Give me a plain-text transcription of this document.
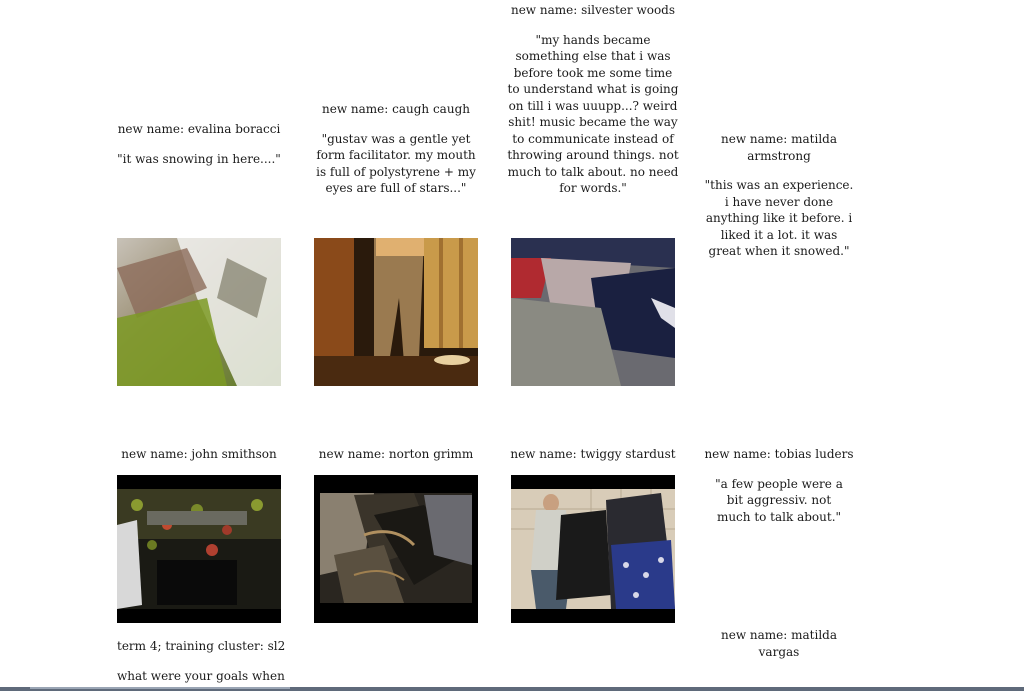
new name: evalina boracci
"it was snowing in here...."
new name: caugh caugh
"gustav was a gentle yet form facilitator. my mouth is full of polystyrene + my eyes are full of stars..."
new name: silvester woods
"my hands became something else that i was before took me some time to understand what is going on till i was uuupp...? weird shit! music became the way to communicate instead of throwing around things. not much to talk about. no need for words."
new name: matilda armstrong
"this was an experience. i have never done anything like it before. i liked it a lot. it was great when it snowed."
new name: john smithson	new name: norton grimm	new name: twiggy stardust	new name: tobias luders
"a few people were a bit aggressiv. not much to talk about."
new name: matilda vargas
term 4; training cluster: sl2
what were your goals when
